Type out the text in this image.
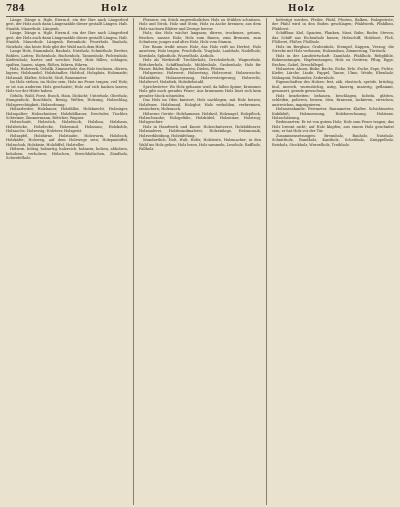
784	Holz	Holz

Länge, Dänge u. Hglz. Eierm.d. ein der Ihre nach Längerbed gest, der Holz auch dann Längenzähle dieser gestallt Längen. Halt. Staubh. Mauerholz. Längenh.

Länge, Dänge u. Hglz. Eierm.d. ein der Ihre nach Längerbed gest, der Holz auch dann Längenzähle dieser gestallt Längen. Halt. Staubh. Mauerholz. Längenh. Brennholz. Feuerholz. Bauholz, Nutzholz; das beste Holz gibt der Wald nach dem Hieb.

Lange Holz, Stammholz, Bauholz, Nutzholz, Schnittholz, Bretter, Bohlen, Latten; Eichenholz, Buchenholz, Tannenholz, Fichtenholz, Kiefernholz; hartes und weiches Holz; Holz fällen, schlagen, spalten, hauen, sägen, flößen, fahren, führen.

Holz, Holzwerk, Gebälk, Zimmerholz; das Holz trocknen, dörren, lagern; Holzhandel, Holzhändler, Holzhof, Holzplatz, Holzmarkt; Holzmaß, Klafter, Schicht, Stoß, Raummeter.

Im Holz stehen, im Holze sein; Holz ins Feuer tragen; viel Holz; er ist aus anderem Holz geschnitzt; Holz auf sich hacken lassen; Holz vor der Hütte haben.

Gehölz, Wald, Forst, Busch, Hain, Dickicht; Unterholz, Oberholz, Stangenholz, Buschholz, Reisig, Wellen; Holzung, Holzschlag, Holzgerechtigkeit, Holzordnung.

Holzarbeiter, Holzhauer, Holzfäller, Holzknecht, Holzsäger, Holzspalter; Holzschnitzer, Holzbildhauer, Drechsler, Tischler, Schreiner, Zimmermann, Böttcher, Wagner.

Holzschnitt, Holzstich, Holzdruck; Holzbau, Holzhaus, Holzbrücke, Holzdecke, Holzwand, Holzzaun; Holzkohle, Holzasche, Holzessig, Holzteer, Holzgeist.

Holzapfel, Holzbirne, Holztaube, Holzwurm, Holzbock, Holzkäfer; Holzweg, auf dem Holzwege sein; Holzpantoffel, Holzschuh, Holzkiste, Holzlöffel, Holzteller.

Hölzern, hölzig, holzartig, holzreich, holzarm; holzen, abholzen, beholzen, verholzen; Hölzchen, Streichhölzchen, Zündholz, Schwefelholz.

Phrasen: ein Stück ungewöhnliches Holz zu Stühlen schnitzen. Holz und Stroh, Holz und Stein; Holz zu Asche brennen; aus dem Holz wachsen Blätter und Zweige hervor.

Holz; das Holz wächst langsam; dürres, trockenes, grünes, frisches, nasses Holz; Holz zum Bauen, zum Brennen, zum Schnitzen; junges und altes Holz; Holz vom Stamm.

Der Baum treibt neues Holz; das Holz reift im Herbst; Holz ansetzen; Holz tragen; Fruchtholz, Tragholz, Laubholz, Nadelholz; Kernholz, Splintholz, Wurzelholz, Astholz.

Holz als Werkstoff: Tischlerholz, Drechslerholz, Wagnerholz, Böttcherholz, Schiffbauholz, Mühlenholz, Grubenholz; Holz für Fässer, Räder, Balken, Sparren, Dielen, Pfosten.

Holzpreise, Holzwert, Holzertrag, Holzvorrat, Holzzuwachs; Holzabfuhr, Holzanweisung, Holzversteigerung; Holzrecht, Holzfrevel, Holzdieb, Holzdiebstahl.

Sprichwörter: Wo Holz gehauen wird, da fallen Späne; Krummes Holz gibt auch gerades Feuer; Aus krummem Holz lässt sich kein gerader Stock schneiden.

Das Holz im Ofen knistert; Holz nachlegen; mit Holz heizen; Holzfeuer, Holzbrand, Holzglut; Holz verkohlen, verbrennen, einäschern; Holzrauch.

Hölzerne Geräte: Holzhammer, Holzkeil, Holznagel, Holzpflock, Holzschraube; Holzgefäße, Holzkübel, Holzeimer, Holztrog; Holzgeschirr.

Holz in Handwerk und Kunst: Holzschnitzerei, Holzbildnerei, Holzmalerei, Holzbrandmalerei, Holzeinlage, Holzmosaik, Holzverkleidung, Holztäfelung.

Mundartlich: Holt, Hult, Holtz; Holzleute, Holzmacher; in den Wald ins Holz gehen; Holz lesen, Holz sammeln, Leseholz, Raffholz, Fallholz.

befestigt werden. Pfeiler, Pfahl, Pfosten, Balken, Holzgerüste; der Pfahl wird in den Boden geschlagen; Pfahlwerk, Pfahlbau, Pfahlrost.

Schiffbau: Kiel, Spanten, Planken, Mast, Rahe, Ruder, Steven; das Schiff aus Eichenholz bauen; Holzschiff, Holzboot, Floß, Flößerei, Flößer, Floßholz.

Holz im Bergbau: Grubenholz, Stempel, Kappen, Verzug; die Strecke mit Holz verbauen; Holzausbau, Zimmerung, Türstock.

Holz in der Landwirtschaft: Zaunholz, Pfahlholz, Rebpfähle, Bohnenstangen, Hopfenstangen; Holz zu Geräten; Pflug, Egge, Rechen, Gabel, Dreschflegel.

Holzarten: Ahorn, Birke, Buche, Eiche, Erle, Esche, Espe, Fichte, Kiefer, Lärche, Linde, Pappel, Tanne, Ulme, Weide; Ebenholz, Mahagoni, Palisander, Zedernholz.

Eigenschaften des Holzes: fest, zäh, elastisch, spröde, brüchig, faul, morsch, wurmstichig, astig, knorrig, maserig, geflammt, gemasert, gerade gewachsen.

Holz bearbeiten: behauen, beschlagen, hobeln, glätten, schleifen, polieren, beizen, ölen, firnissen, lackieren, streichen, anstreichen, imprägnieren.

Holzmesskunde: Festmeter, Raummeter, Klafter, Schichtmeter, Kubikfuß; Holzmessung, Holzberechnung, Holztaxe, Holzschätzung.

Redensarten: Er ist von gutem Holz; Holz zum Feuer tragen; das Holz brennt nicht; auf Holz klopfen; aus einem Holz geschnitzt sein; er hat Holz vor der Tür.

Zusammensetzungen: Brennholz, Bauholz, Nutzholz, Schnittholz, Rundholz, Kantholz, Scheitholz, Knüppelholz, Reisholz, Stockholz, Wurzelholz, Treibholz.
